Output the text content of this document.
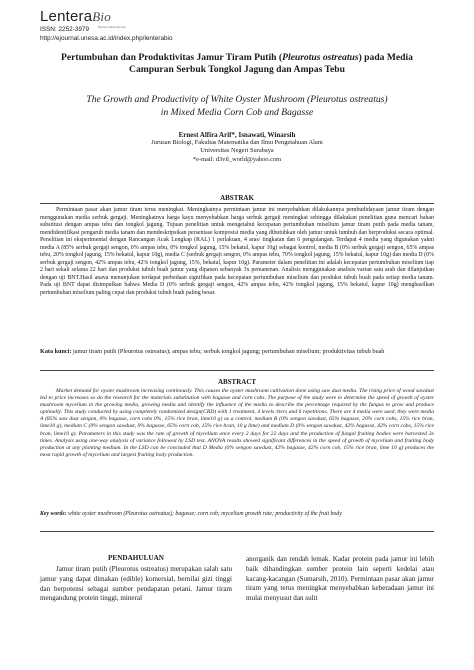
LenteraBio
Berkala Ilmiah Biologi
ISSN: 2252-3979
http://ejournal.unesa.ac.id/index.php/lenterabio
Pertumbuhan dan Produktivitas Jamur Tiram Putih (Pleurotus ostreatus) pada Media Campuran Serbuk Tongkol Jagung dan Ampas Tebu
The Growth and Productivity of White Oyster Mushroom (Pleurotus ostreatus)
in Mixed Media Corn Cob and Bagasse
Ernest Alfira Arif*, Isnawati, Winarsih
Jurusan Biologi, Fakultas Matematika dan Ilmu Pengetahuan Alam
Universitas Negeri Surabaya
*e-mail: d3vil_world@yahoo.com
ABSTRAK
Permintaan pasar akan jamur tiram terus meningkat. Meningkatnya permintaan jamur ini menyebabkan dilakukannya pembudidayaan jamur tiram dengan menggunakan media serbuk gergaji. Meningkatnya harga kayu menyebabkan harga serbuk gergaji meningkat sehingga dilakukan penelitian guna mencari bahan substitusi dengan ampas tebu dan tongkol jagung. Tujuan penelitian untuk mengetahui kecepatan pertumbuhan miselium jamur tiram putih pada media tanam, mendidentifikasi pengaruh media tanam dan mendeskripsikan persentase komposisi media yang dibutuhkan oleh jamur untuk tumbuh dan berproduksi secara optimal. Penelitian ini eksperimental dengan Rancangan Acak Lengkap (RAL) 1 perlakuan, 4 aras/ tingkatan dan 6 pengulangan. Terdapat 4 media yang digunakan yakni media A (85% serbuk gergaji sengon, 0% ampas tebu, 0% tongkol jagung, 15% bekatul, kapur 10g) sebagai kontrol, media B (0% serbuk gergaji sengon, 65% ampas tebu, 20% tongkol jagung, 15% bekatul, kapur 10g), media C (serbuk gergaji sengon, 0% ampas tebu, 70% tongkol jagung, 15% bekatul, kapur 10g) dan media D (0% serbuk gergaji sengon, 42% ampas tebu, 42% tongkol jagung, 15%, bekatul, kapur 10g). Parameter dalam penelitian ini adalah kecepatan pertumbuhan miselium tiap 2 hari sekali selama 22 hari dan produksi tubuh buah jamur yang dipanen sebanyak 3x pemanenan. Analisis menggunakan analisis varian satu arah dan dilanjutkan dengan uji BNT.Hasil anava menunjukan terdapat perbedaan signifikan pada kecepatan pertumbuhan miselium dan produksi tubuh buah pada setiap media tanam. Pada uji BNT dapat disimpulkan bahwa Media D (0% serbuk gergaji sengon, 42% ampas tebu, 42% tongkol jagung, 15% bekatul, kapur 10g) menghasilkan pertumbuhan miselium paling cepat dan produksi tubuh buah paling besar.
Kata kunci: jamur tiram putih (Pleurotus ostreatus); ampas tebu; serbuk tongkol jagung; pertumbuhan miselium; produktivitas tubuh buah
ABSTRACT
Market demand for oyster mushroom increasing continously. This causes the oyster mushroom cultivation done using saw dust media. The rising price of wood sawdust led to price increases so do the research for the materials substitution with bagasse and corn cobs. The purpose of the study were to determine the speed of growth of oyster mushroom mycelium in the growing media, growing media and identify the influence of the media to describe the percentage required by the fungus to grow and produce optimally. This study conducted by using completely randomized design(CRD) with 1 treatment, 4 levels /tiers and 6 repetitions. There are 4 media were used, they were media A (85% saw dust sengon, 0% bagasse, corn cobs 0%, 15% rice bran, lime10 g) as a control, medium B (0% sengon sawdust, 65% bagasse, 20% corn cobs, 15% rice bran, lime10 g), medium C (0% sengon sawdust, 0% bagasse, 65% corn cob, 15% rice bran, 10 g lime) and medium D (0% sengon sawdust, 42% bagasse, 42% corn cobs, 15% rice bran, lime10 g). Parameters in this study was the rate of growth of mycelium once every 2 days for 22 days and the production of fungal fruiting bodies were harvested 3x times. Analysis using one-way analysis of variance followed by LSD test. ANOVA results showed significant differences in the speed of growth of mycelium and fruiting body production at any planting medium. In the LSD can be concluded that D Media (0% sengon sawdust, 42% bagasse, 42% corn cob, 15% rice bran, lime 10 g) produces the most rapid growth of mycelium and largest fruiting body production.
Key words: white oyster mushroom (Pleurotus ostreatus); bagasse; corn cob; mycelium growth rate; productivity of the fruit body
PENDAHULUAN
Jamur tiram putih (Pleurotus ostreatus) merupakan salah satu jamur yang dapat dimakan (edible) komersial, bernilai gizi tinggi dan berpotensi sebagai sumber pendapatan petani. Jamur tiram mengandung protein tinggi, mineral
anorganik dan rendah lemak. Kadar protein pada jamur ini lebih baik dibandingkan sumber protein lain seperti kedelai atau kacang-kacangan (Sumarsih, 2010). Permintaan pasar akan jamur tiram yang terus meningkat menyebabkan keberadaan jamur ini mulai menyusut dan sulit
